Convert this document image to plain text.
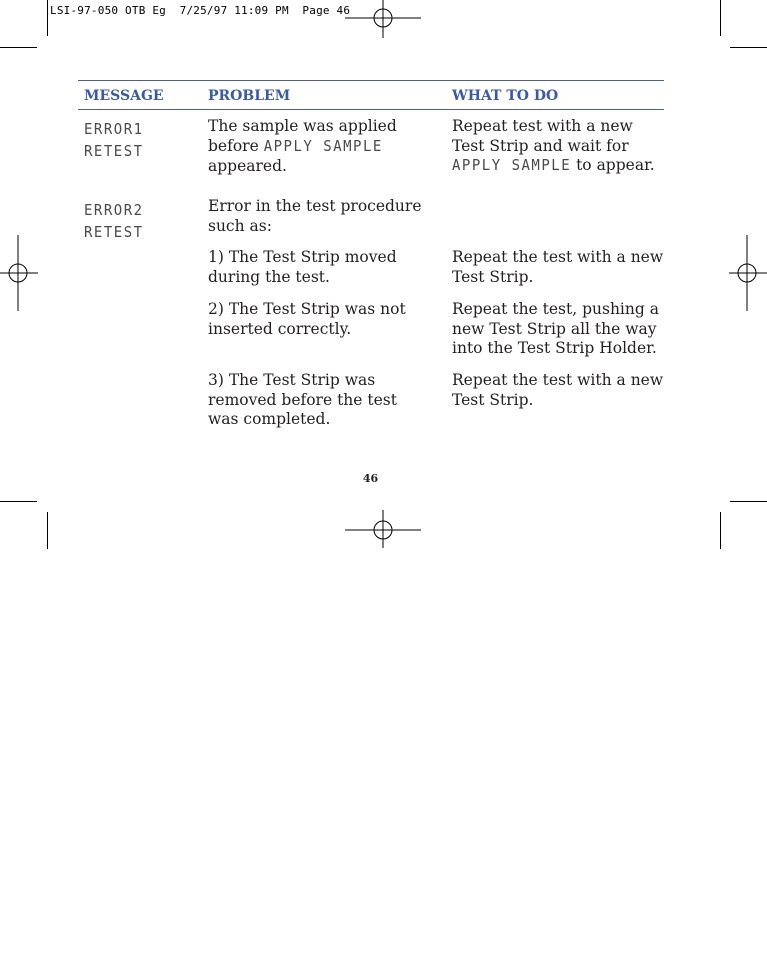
LSI-97-050 OTB Eg  7/25/97 11:09 PM  Page 46
MESSAGE	PROBLEM	WHAT TO DO
ERROR1
RETEST
The sample was applied
before APPLY SAMPLE
appeared.
Repeat test with a new
Test Strip and wait for
APPLY SAMPLE to appear.
ERROR2
RETEST
Error in the test procedure
such as:
1) The Test Strip moved
during the test.
Repeat the test with a new
Test Strip.
2) The Test Strip was not
inserted correctly.
Repeat the test, pushing a
new Test Strip all the way
into the Test Strip Holder.
3) The Test Strip was
removed before the test
was completed.
Repeat the test with a new
Test Strip.
46
